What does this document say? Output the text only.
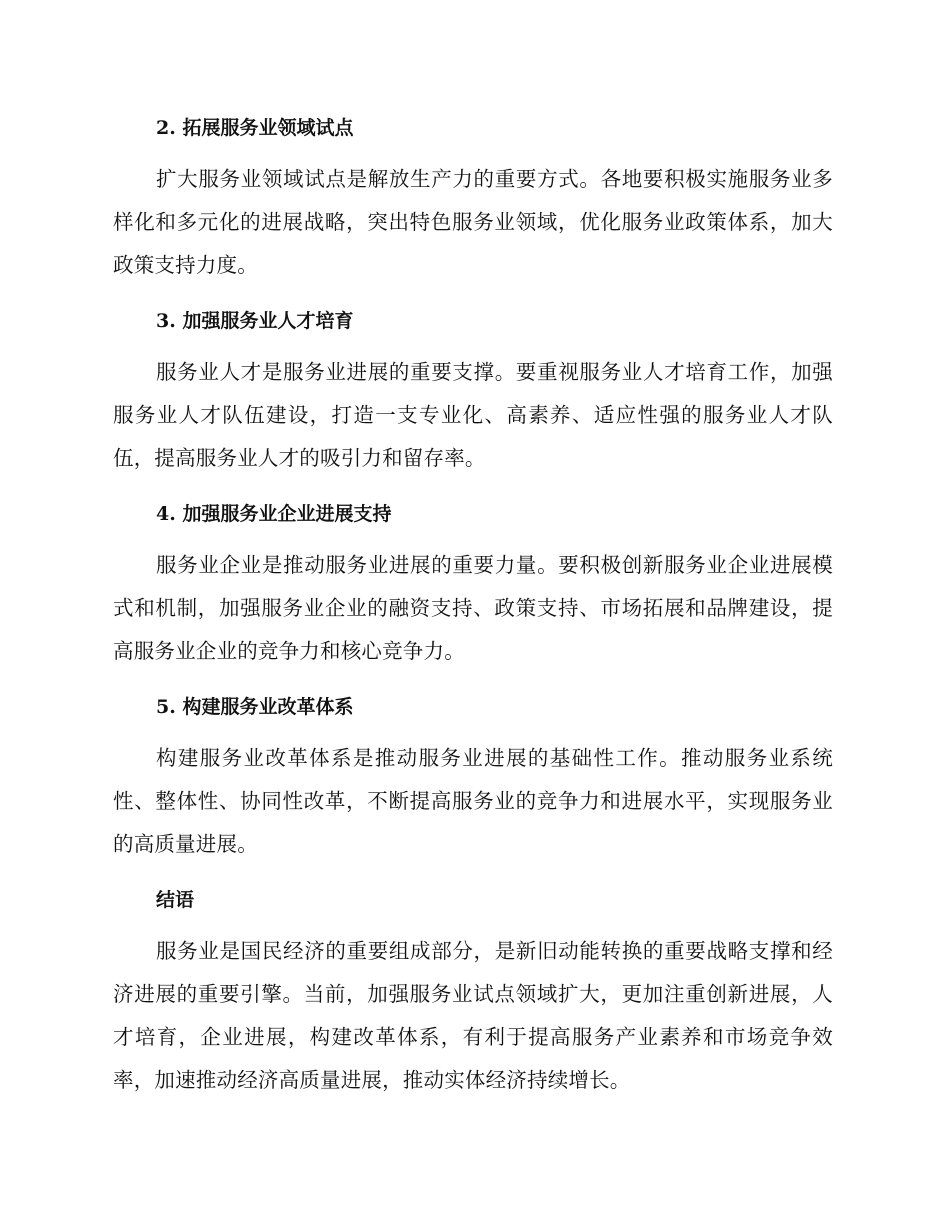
2. 拓展服务业领域试点

扩大服务业领域试点是解放生产力的重要方式。各地要积极实施服务业多样化和多元化的进展战略，突出特色服务业领域，优化服务业政策体系，加大政策支持力度。

3. 加强服务业人才培育

服务业人才是服务业进展的重要支撑。要重视服务业人才培育工作，加强服务业人才队伍建设，打造一支专业化、高素养、适应性强的服务业人才队伍，提高服务业人才的吸引力和留存率。

4. 加强服务业企业进展支持

服务业企业是推动服务业进展的重要力量。要积极创新服务业企业进展模式和机制，加强服务业企业的融资支持、政策支持、市场拓展和品牌建设，提高服务业企业的竞争力和核心竞争力。

5. 构建服务业改革体系

构建服务业改革体系是推动服务业进展的基础性工作。推动服务业系统性、整体性、协同性改革，不断提高服务业的竞争力和进展水平，实现服务业的高质量进展。

结语

服务业是国民经济的重要组成部分，是新旧动能转换的重要战略支撑和经济进展的重要引擎。当前，加强服务业试点领域扩大，更加注重创新进展，人才培育，企业进展，构建改革体系，有利于提高服务产业素养和市场竞争效率，加速推动经济高质量进展，推动实体经济持续增长。
